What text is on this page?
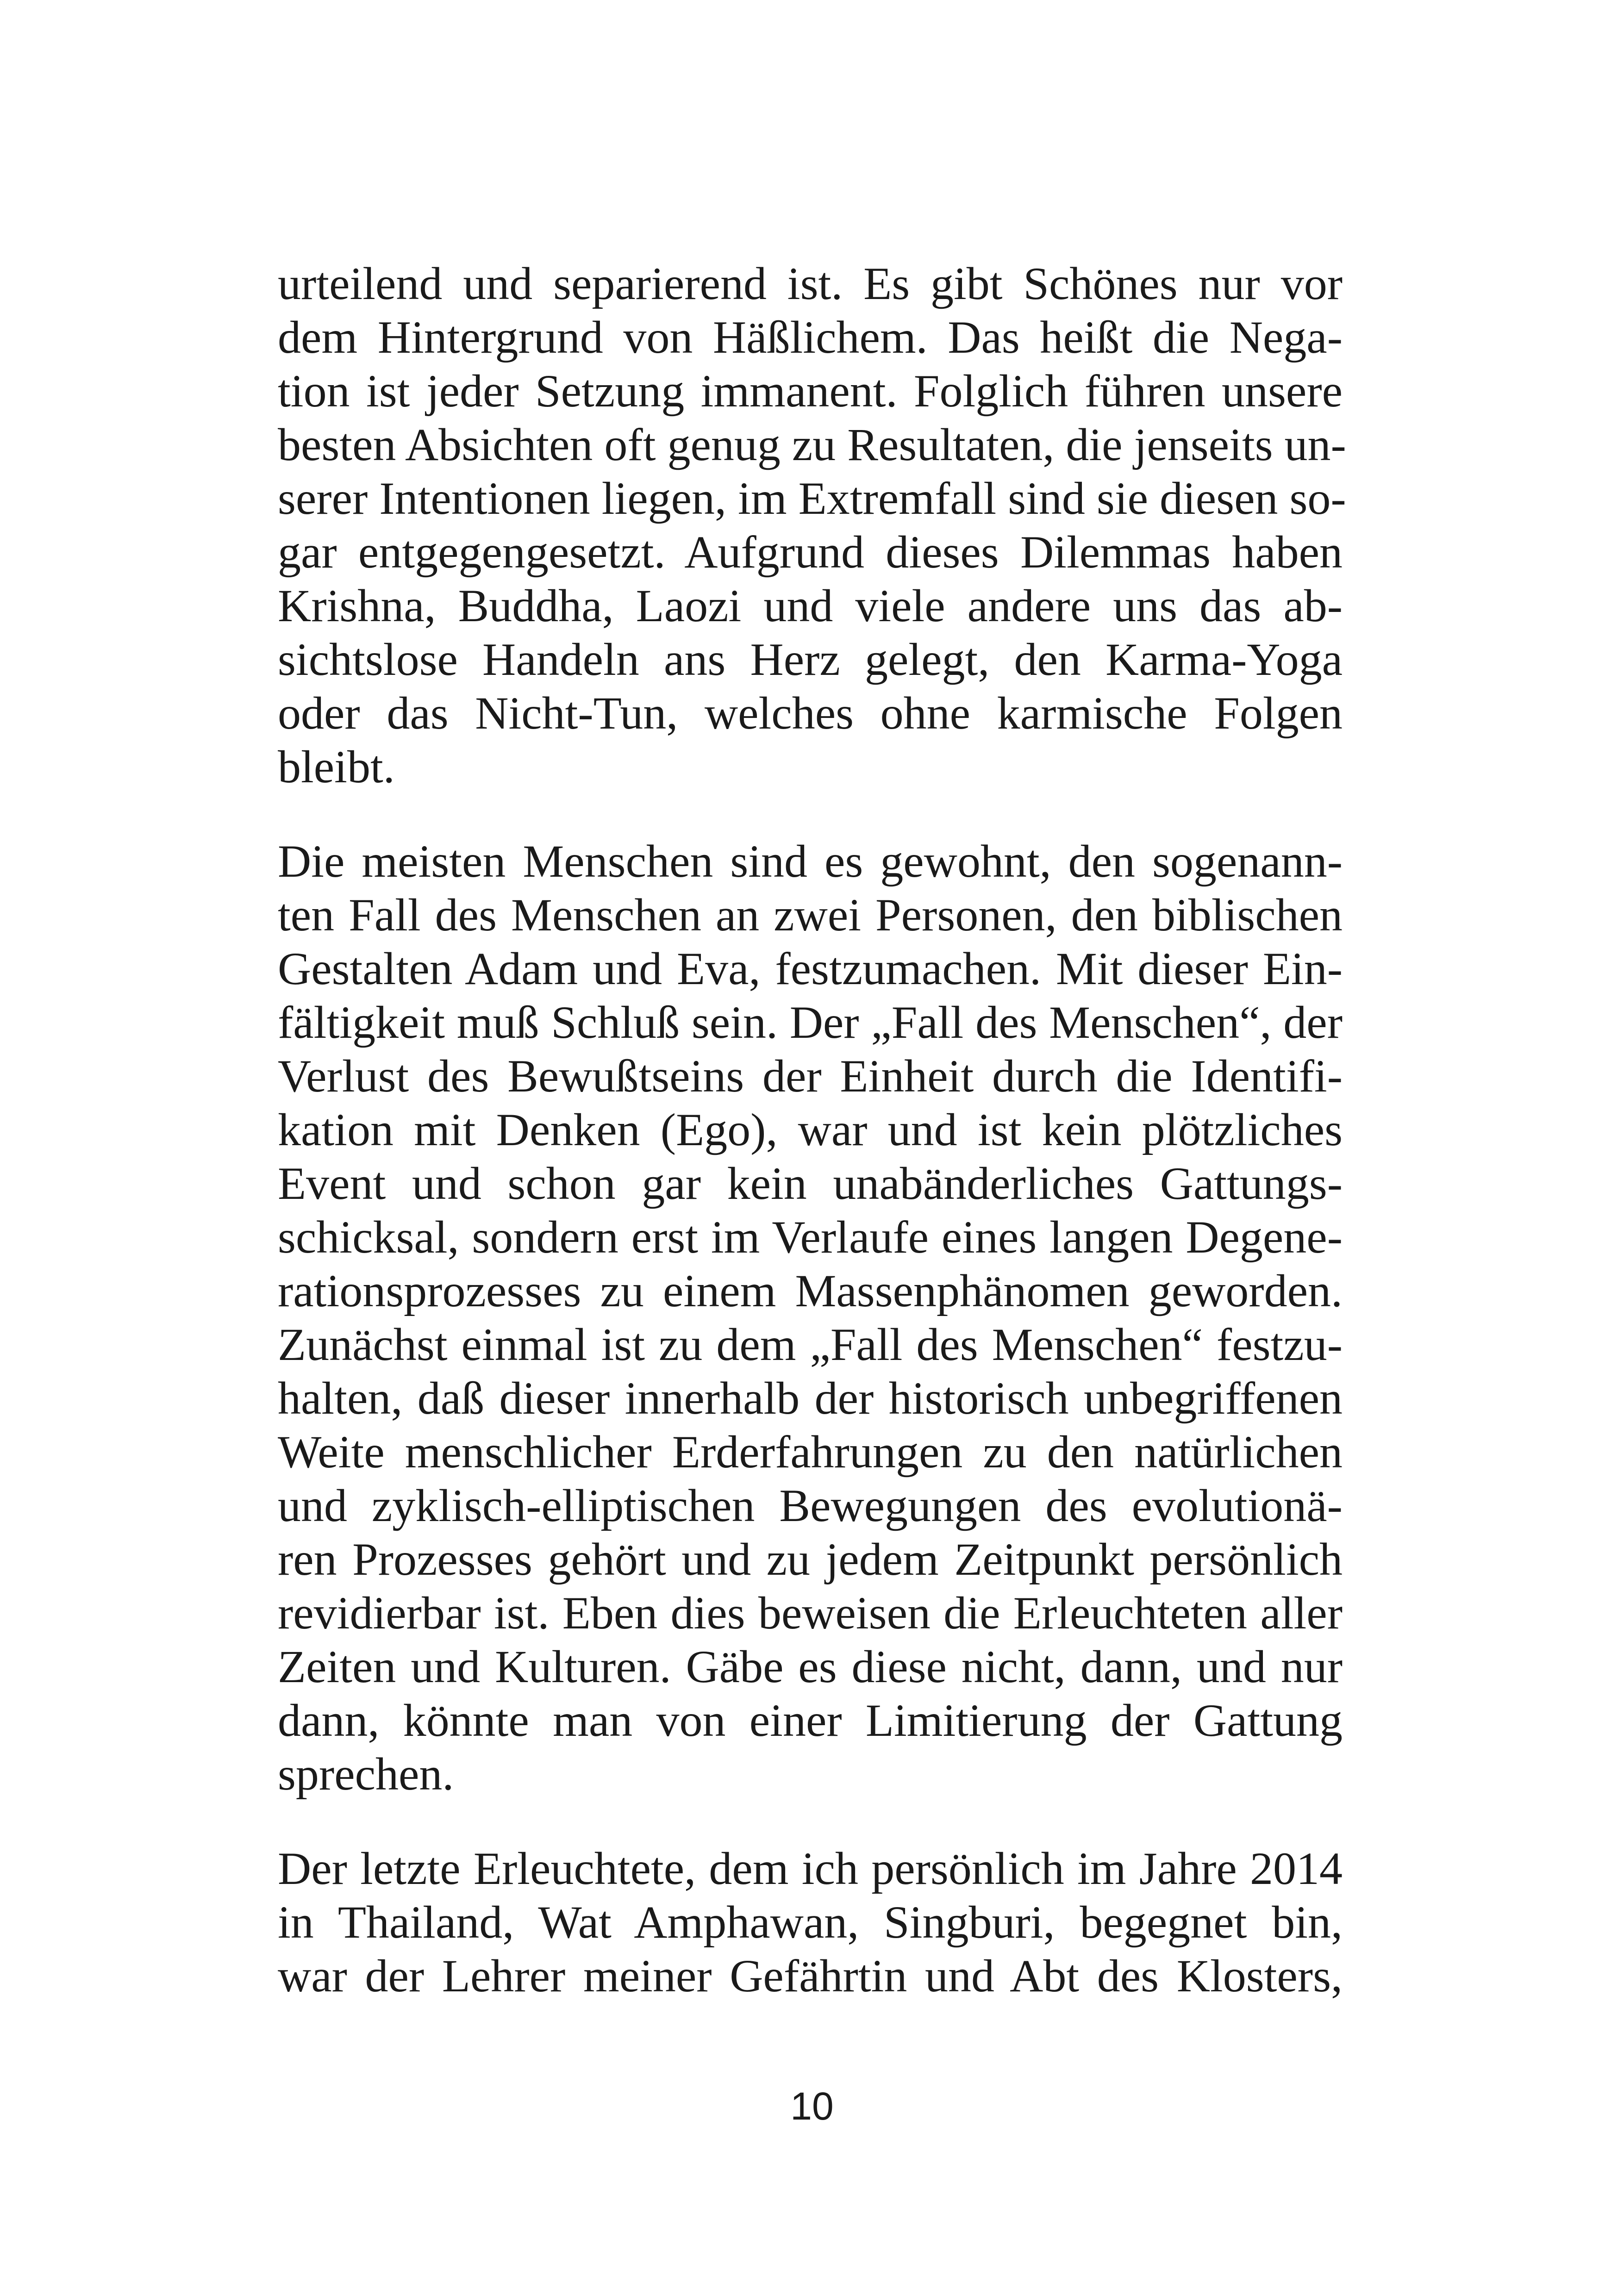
urteilend und separierend ist. Es gibt Schönes nur vor
dem Hintergrund von Häßlichem. Das heißt die Nega-
tion ist jeder Setzung immanent. Folglich führen unsere
besten Absichten oft genug zu Resultaten, die jenseits un-
serer Intentionen liegen, im Extremfall sind sie diesen so-
gar entgegengesetzt. Aufgrund dieses Dilemmas haben
Krishna, Buddha, Laozi und viele andere uns das ab-
sichtslose Handeln ans Herz gelegt, den Karma-Yoga
oder das Nicht-Tun, welches ohne karmische Folgen
bleibt.
Die meisten Menschen sind es gewohnt, den sogenann-
ten Fall des Menschen an zwei Personen, den biblischen
Gestalten Adam und Eva, festzumachen. Mit dieser Ein-
fältigkeit muß Schluß sein. Der „Fall des Menschen“, der
Verlust des Bewußtseins der Einheit durch die Identifi-
kation mit Denken (Ego), war und ist kein plötzliches
Event und schon gar kein unabänderliches Gattungs-
schicksal, sondern erst im Verlaufe eines langen Degene-
rationsprozesses zu einem Massenphänomen geworden.
Zunächst einmal ist zu dem „Fall des Menschen“ festzu-
halten, daß dieser innerhalb der historisch unbegriffenen
Weite menschlicher Erderfahrungen zu den natürlichen
und zyklisch-elliptischen Bewegungen des evolutionä-
ren Prozesses gehört und zu jedem Zeitpunkt persönlich
revidierbar ist. Eben dies beweisen die Erleuchteten aller
Zeiten und Kulturen. Gäbe es diese nicht, dann, und nur
dann, könnte man von einer Limitierung der Gattung
sprechen.
Der letzte Erleuchtete, dem ich persönlich im Jahre 2014
in Thailand, Wat Amphawan, Singburi, begegnet bin,
war der Lehrer meiner Gefährtin und Abt des Klosters,
10
